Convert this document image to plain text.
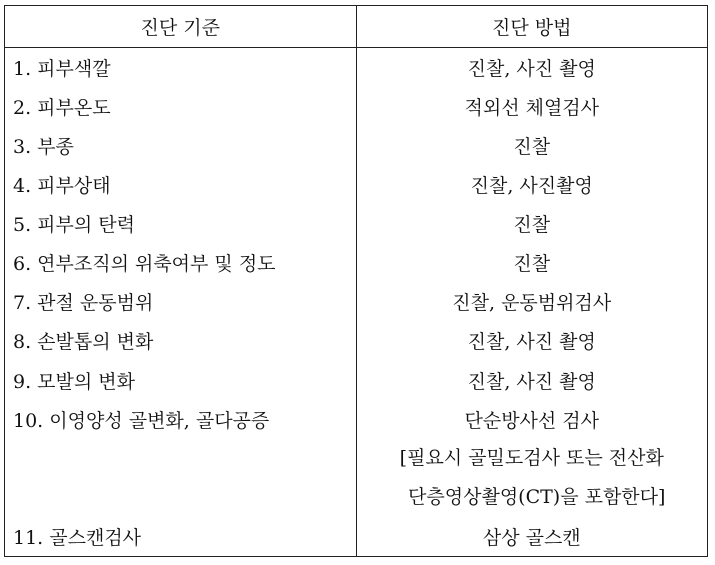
진단 기준	진단 방법
1. 피부색깔	진찰, 사진 촬영
2. 피부온도	적외선 체열검사
3. 부종	진찰
4. 피부상태	진찰, 사진촬영
5. 피부의 탄력	진찰
6. 연부조직의 위축여부 및 정도	진찰
7. 관절 운동범위	진찰, 운동범위검사
8. 손발톱의 변화	진찰, 사진 촬영
9. 모발의 변화	진찰, 사진 촬영
10. 이영양성 골변화, 골다공증	단순방사선 검사

	[필요시 골밀도검사 또는 전산화
단층영상촬영(CT)을 포함한다]

11. 골스캔검사	삼상 골스캔
